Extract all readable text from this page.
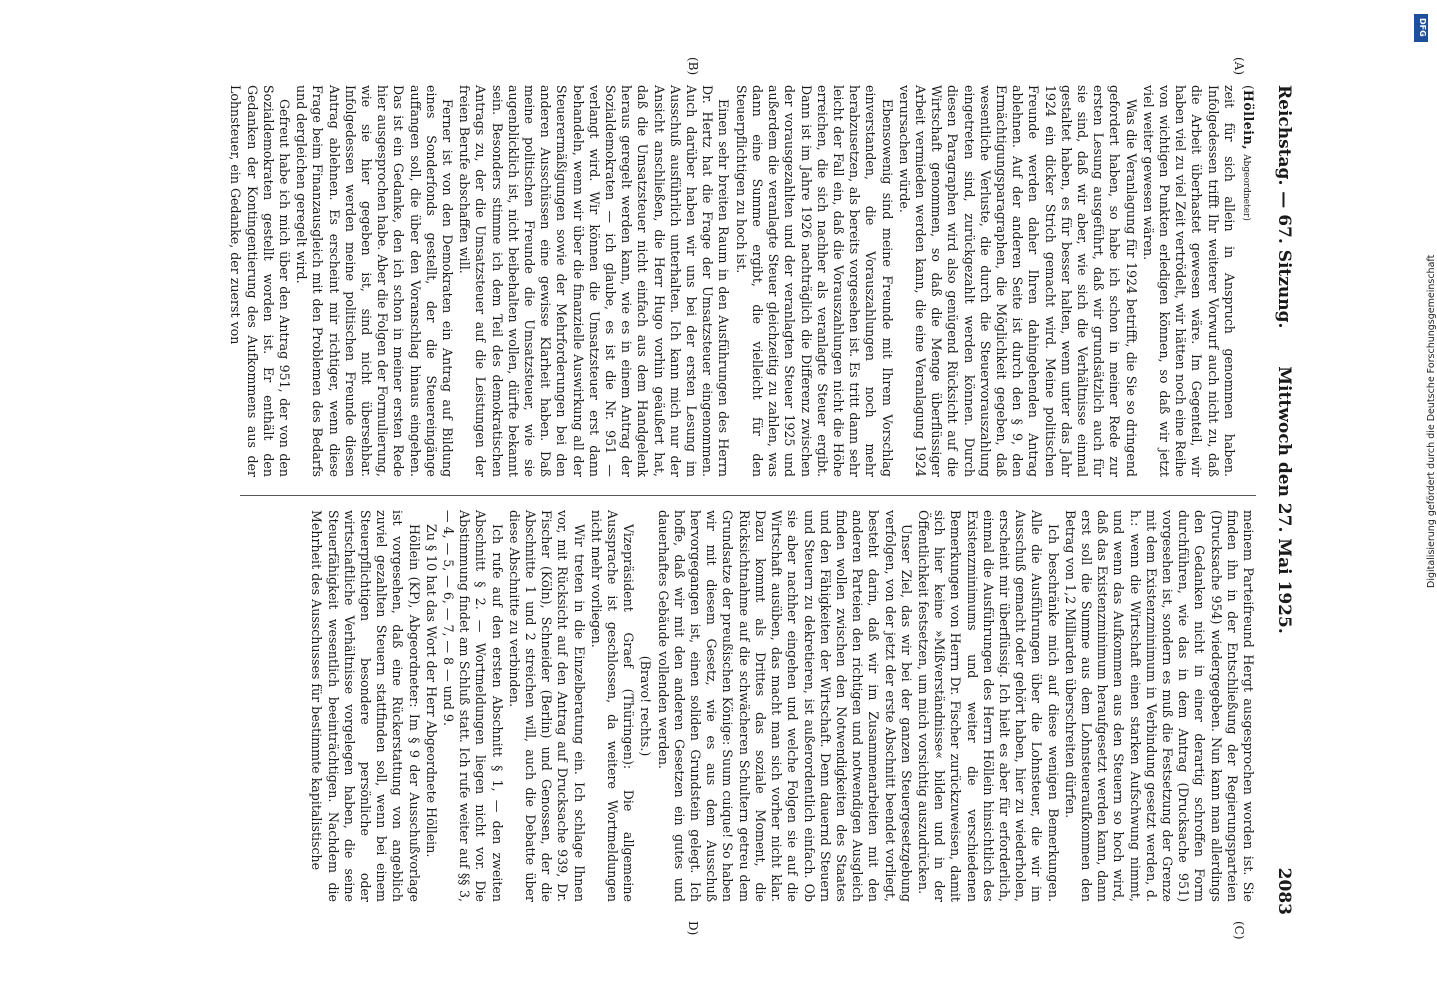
Reichstag. — 67. Sitzung.
Mittwoch den 27. Mai 1925.
2083

(Höllein, Abgeordneter)

zeit für sich allein in Anspruch genommen haben. Infolgedessen trifft Ihr weiterer Vorwurf auch nicht zu, daß die Arbeit überhastet gewesen wäre. Im Gegenteil, wir haben viel zu viel Zeit vertrödelt, wir hätten noch eine Reihe von wichtigen Punkten erledigen können, so daß wir jetzt viel weiter gewesen wären.

Was die Veranlagung für 1924 betrifft, die Sie so dringend gefordert haben, so habe ich schon in meiner Rede zur ersten Lesung ausgeführt, daß wir grundsätzlich auch für sie sind, daß wir aber, wie sich die Verhältnisse einmal gestaltet haben, es für besser halten, wenn unter das Jahr 1924 ein dicker Strich gemacht wird. Meine politischen Freunde werden daher Ihren dahingehenden Antrag ablehnen. Auf der anderen Seite ist durch den § 9, den Ermächtigungsparagraphen, die Möglichkeit gegeben, daß wesentliche Verluste, die durch die Steuervorauszahlung eingetreten sind, zurückgezahlt werden können. Durch diesen Paragraphen wird also genügend Rücksicht auf die Wirtschaft genommen, so daß die Menge überflüssiger Arbeit vermieden werden kann, die eine Veranlagung 1924 verursachen würde.

Ebensowenig sind meine Freunde mit Ihrem Vorschlag einverstanden, die Vorauszahlungen noch mehr herabzusetzen, als bereits vorgesehen ist. Es tritt dann sehr leicht der Fall ein, daß die Vorauszahlungen nicht die Höhe erreichen, die sich nachher als veranlagte Steuer ergibt. Dann ist im Jahre 1926 nachträglich die Differenz zwischen der vorausgezahlten und der veranlagten Steuer 1925 und außerdem die veranlagte Steuer gleichzeitig zu zahlen, was dann eine Summe ergibt, die vielleicht für den Steuerpflichtigen zu hoch ist.

Einen sehr breiten Raum in den Ausführungen des Herrn Dr. Hertz hat die Frage der Umsatzsteuer eingenommen. Auch darüber haben wir uns bei der ersten Lesung im Ausschuß ausführlich unterhalten. Ich kann mich nur der Ansicht anschließen, die Herr Hugo vorhin geäußert hat, daß die Umsatzsteuer nicht einfach aus dem Handgelenk heraus geregelt werden kann, wie es in einem Antrag der Sozialdemokraten — ich glaube, es ist die Nr. 951 — verlangt wird. Wir können die Umsatzsteuer erst dann behandeln, wenn wir über die finanzielle Auswirkung all der Steuerermäßigungen sowie der Mehrforderungen bei den anderen Ausschüssen eine gewisse Klarheit haben. Daß meine politischen Freunde die Umsatzsteuer, wie sie augenblicklich ist, nicht beibehalten wollen, dürfte bekannt sein. Besonders stimme ich dem Teil des demokratischen Antrags zu, der die Umsatzsteuer auf die Leistungen der freien Berufe abschaffen will.

Ferner ist von den Demokraten ein Antrag auf Bildung eines Sonderfonds gestellt, der die Steuereingänge auffangen soll, die über den Voranschlag hinaus eingehen. Das ist ein Gedanke, den ich schon in meiner ersten Rede hier ausgesprochen habe. Aber die Folgen der Formulierung, wie sie hier gegeben ist, sind nicht übersehbar. Infolgedessen werden meine politischen Freunde diesen Antrag ablehnen. Es erscheint mir richtiger, wenn diese Frage beim Finanzausgleich mit den Problemen des Bedarfs und dergleichen geregelt wird.

Gefreut habe ich mich über den Antrag 951, der von den Sozialdemokraten gestellt worden ist. Er enthält den Gedanken der Kontingentierung des Aufkommens aus der Lohnsteuer, ein Gedanke, der zuerst von

meinem Parteifreund Hergt ausgesprochen worden ist. Sie finden ihn in der Entschließung der Regierungsparteien (Drucksache 954) wiedergegeben. Nun kann man allerdings den Gedanken nicht in einer derartig schroffen Form durchführen, wie das in dem Antrag (Drucksache 951) vorgesehen ist, sondern es muß die Festsetzung der Grenze mit dem Existenzminimum in Verbindung gesetzt werden, d. h.: wenn die Wirtschaft einen starken Aufschwung nimmt, und wenn das Aufkommen aus den Steuern so hoch wird, daß das Existenzminimum heraufgesetzt werden kann, dann erst soll die Summe aus dem Lohnsteueraufkommen den Betrag von 1,2 Milliarden überschreiten dürfen.

Ich beschränke mich auf diese wenigen Bemerkungen. Alle die Ausführungen über die Lohnsteuer, die wir im Ausschuß gemacht oder gehört haben, hier zu wiederholen, erscheint mir überflüssig. Ich hielt es aber für erforderlich, einmal die Ausführungen des Herrn Höllein hinsichtlich des Existenzminimums und weiter die verschiedenen Bemerkungen von Herrn Dr. Fischer zurückzuweisen, damit sich hier keine »Mißverständnisse« bilden und in der Öffentlichkeit festsetzen, um mich vorsichtig auszudrücken.

Unser Ziel, das wir bei der ganzen Steuergesetzgebung verfolgen, von der jetzt der erste Abschnitt beendet vorliegt, besteht darin, daß wir im Zusammenarbeiten mit den anderen Parteien den richtigen und notwendigen Ausgleich finden wollen zwischen den Notwendigkeiten des Staates und den Fähigkeiten der Wirtschaft. Denn dauernd Steuern und Steuern zu dekretieren, ist außerordentlich einfach. Ob sie aber nachher eingehen und welche Folgen sie auf die Wirtschaft ausüben, das macht man sich vorher nicht klar. Dazu kommt als Drittes das soziale Moment, die Rücksichtnahme auf die schwächeren Schultern getreu dem Grundsatze der preußischen Könige: Suum cuique! So haben wir mit diesem Gesetz, wie es aus dem Ausschuß hervorgegangen ist, einen soliden Grundstein gelegt. Ich hoffe, daß wir mit den anderen Gesetzen ein gutes und dauerhaftes Gebäude vollenden werden.

(Bravo! rechts.)

Vizepräsident Graef (Thüringen): Die allgemeine Aussprache ist geschlossen, da weitere Wortmeldungen nicht mehr vorliegen.

Wir treten in die Einzelberatung ein. Ich schlage Ihnen vor, mit Rücksicht auf den Antrag auf Drucksache 939, Dr. Fischer (Köln), Schneider (Berlin) und Genossen, der die Abschnitte 1 und 2 streichen will, auch die Debatte über diese Abschnitte zu verbinden.

Ich rufe auf den ersten Abschnitt § 1, — den zweiten Abschnitt § 2. — Wortmeldungen liegen nicht vor. Die Abstimmung findet am Schluß statt. Ich rufe weiter auf §§ 3, — 4, — 5, — 6, — 7, — 8 — und 9.

Zu § 10 hat das Wort der Herr Abgeordnete Höllein.

Höllein (KP), Abgeordneter: Im § 9 der Ausschußvorlage ist vorgesehen, daß eine Rückerstattung von angeblich zuviel gezahlten Steuern stattfinden soll, wenn bei einem Steuerpflichtigen besondere persönliche oder wirtschaftliche Verhältnisse vorgelegen haben, die seine Steuerfähigkeit wesentlich beeinträchtigen. Nachdem die Mehrheit des Ausschusses für bestimmte kapitalistische

(A)
(B)
(C)
D)
DFG
Digitalisierung gefördert durch die Deutsche Forschungsgemeinschaft
